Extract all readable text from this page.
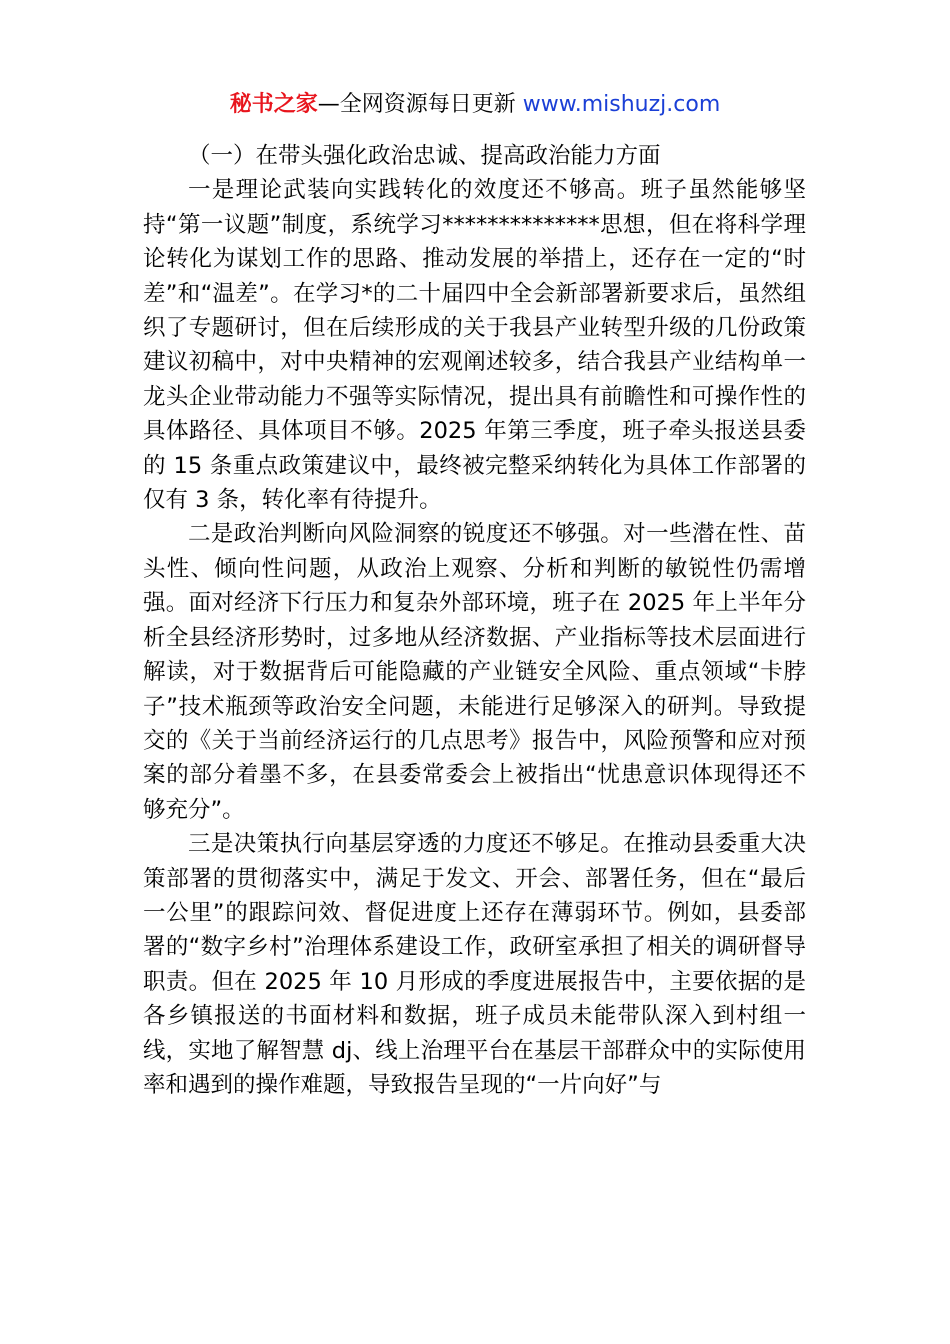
秘书之家—全网资源每日更新 www.mishuzj.com

（一）在带头强化政治忠诚、提高政治能力方面

一是理论武装向实践转化的效度还不够高。班子虽然能够坚持“第一议题”制度，系统学习**************思想，但在将科学理论转化为谋划工作的思路、推动发展的举措上，还存在一定的“时差”和“温差”。在学习*的二十届四中全会新部署新要求后，虽然组织了专题研讨，但在后续形成的关于我县产业转型升级的几份政策建议初稿中，对中央精神的宏观阐述较多，结合我县产业结构单一龙头企业带动能力不强等实际情况，提出具有前瞻性和可操作性的具体路径、具体项目不够。2025 年第三季度，班子牵头报送县委的 15 条重点政策建议中，最终被完整采纳转化为具体工作部署的仅有 3 条，转化率有待提升。

二是政治判断向风险洞察的锐度还不够强。对一些潜在性、苗头性、倾向性问题，从政治上观察、分析和判断的敏锐性仍需增强。面对经济下行压力和复杂外部环境，班子在 2025 年上半年分析全县经济形势时，过多地从经济数据、产业指标等技术层面进行解读，对于数据背后可能隐藏的产业链安全风险、重点领域“卡脖子”技术瓶颈等政治安全问题，未能进行足够深入的研判。导致提交的《关于当前经济运行的几点思考》报告中，风险预警和应对预案的部分着墨不多，在县委常委会上被指出“忧患意识体现得还不够充分”。

三是决策执行向基层穿透的力度还不够足。在推动县委重大决策部署的贯彻落实中，满足于发文、开会、部署任务，但在“最后一公里”的跟踪问效、督促进度上还存在薄弱环节。例如，县委部署的“数字乡村”治理体系建设工作，政研室承担了相关的调研督导职责。但在 2025 年 10 月形成的季度进展报告中，主要依据的是各乡镇报送的书面材料和数据，班子成员未能带队深入到村组一线，实地了解智慧 dj、线上治理平台在基层干部群众中的实际使用率和遇到的操作难题，导致报告呈现的“一片向好”与
